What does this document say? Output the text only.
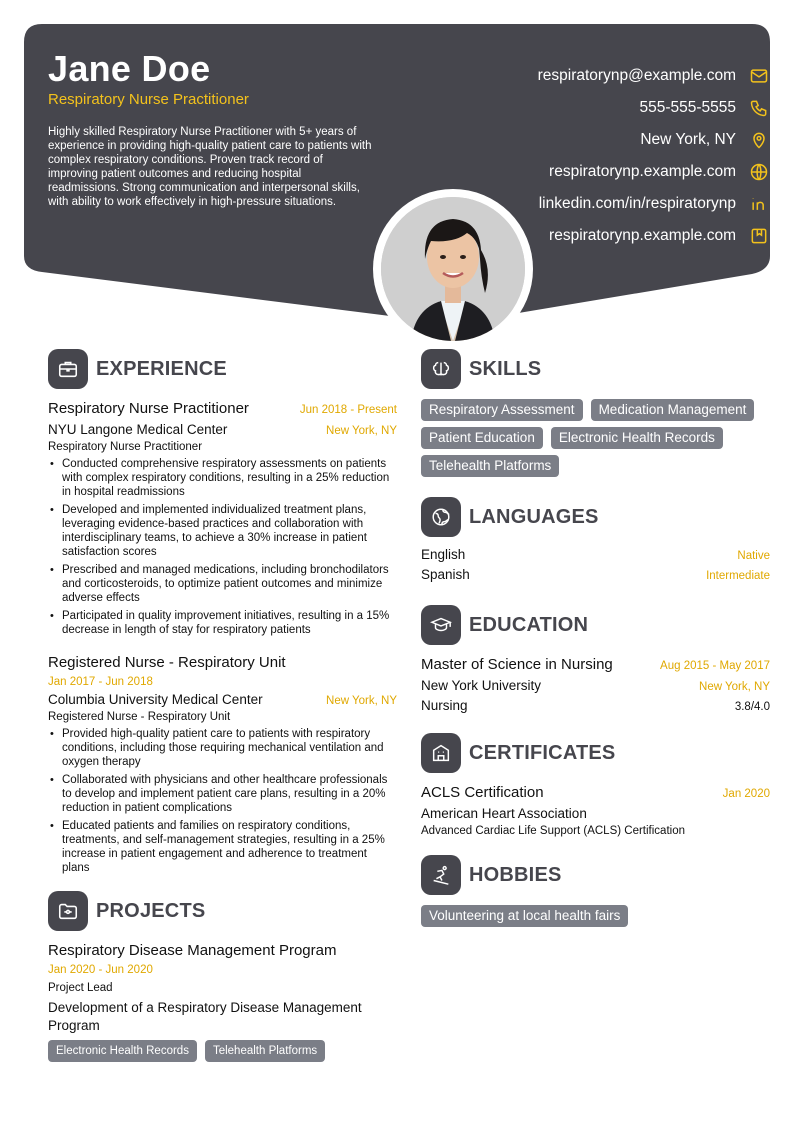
Jane Doe
Respiratory Nurse Practitioner
Highly skilled Respiratory Nurse Practitioner with 5+ years of experience in providing high-quality patient care to patients with complex respiratory conditions. Proven track record of improving patient outcomes and reducing hospital readmissions. Strong communication and interpersonal skills, with ability to work effectively in high-pressure situations.
respiratorynp@example.com
555-555-5555
New York, NY
respiratorynp.example.com
linkedin.com/in/respiratorynp
respiratorynp.example.com
EXPERIENCE
Respiratory Nurse Practitioner	Jun 2018 - Present
NYU Langone Medical Center	New York, NY
Respiratory Nurse Practitioner
• Conducted comprehensive respiratory assessments on patients with complex respiratory conditions, resulting in a 25% reduction in hospital readmissions
• Developed and implemented individualized treatment plans, leveraging evidence-based practices and collaboration with interdisciplinary teams, to achieve a 30% increase in patient satisfaction scores
• Prescribed and managed medications, including bronchodilators and corticosteroids, to optimize patient outcomes and minimize adverse effects
• Participated in quality improvement initiatives, resulting in a 15% decrease in length of stay for respiratory patients
Registered Nurse - Respiratory Unit
Jan 2017 - Jun 2018
Columbia University Medical Center	New York, NY
Registered Nurse - Respiratory Unit
• Provided high-quality patient care to patients with respiratory conditions, including those requiring mechanical ventilation and oxygen therapy
• Collaborated with physicians and other healthcare professionals to develop and implement patient care plans, resulting in a 20% reduction in patient complications
• Educated patients and families on respiratory conditions, treatments, and self-management strategies, resulting in a 25% increase in patient engagement and adherence to treatment plans
PROJECTS
Respiratory Disease Management Program
Jan 2020 - Jun 2020
Project Lead
Development of a Respiratory Disease Management Program
Electronic Health Records	Telehealth Platforms
SKILLS
Respiratory Assessment	Medication Management
Patient Education	Electronic Health Records
Telehealth Platforms
LANGUAGES
English	Native
Spanish	Intermediate
EDUCATION
Master of Science in Nursing	Aug 2015 - May 2017
New York University	New York, NY
Nursing	3.8/4.0
CERTIFICATES
ACLS Certification	Jan 2020
American Heart Association
Advanced Cardiac Life Support (ACLS) Certification
HOBBIES
Volunteering at local health fairs
